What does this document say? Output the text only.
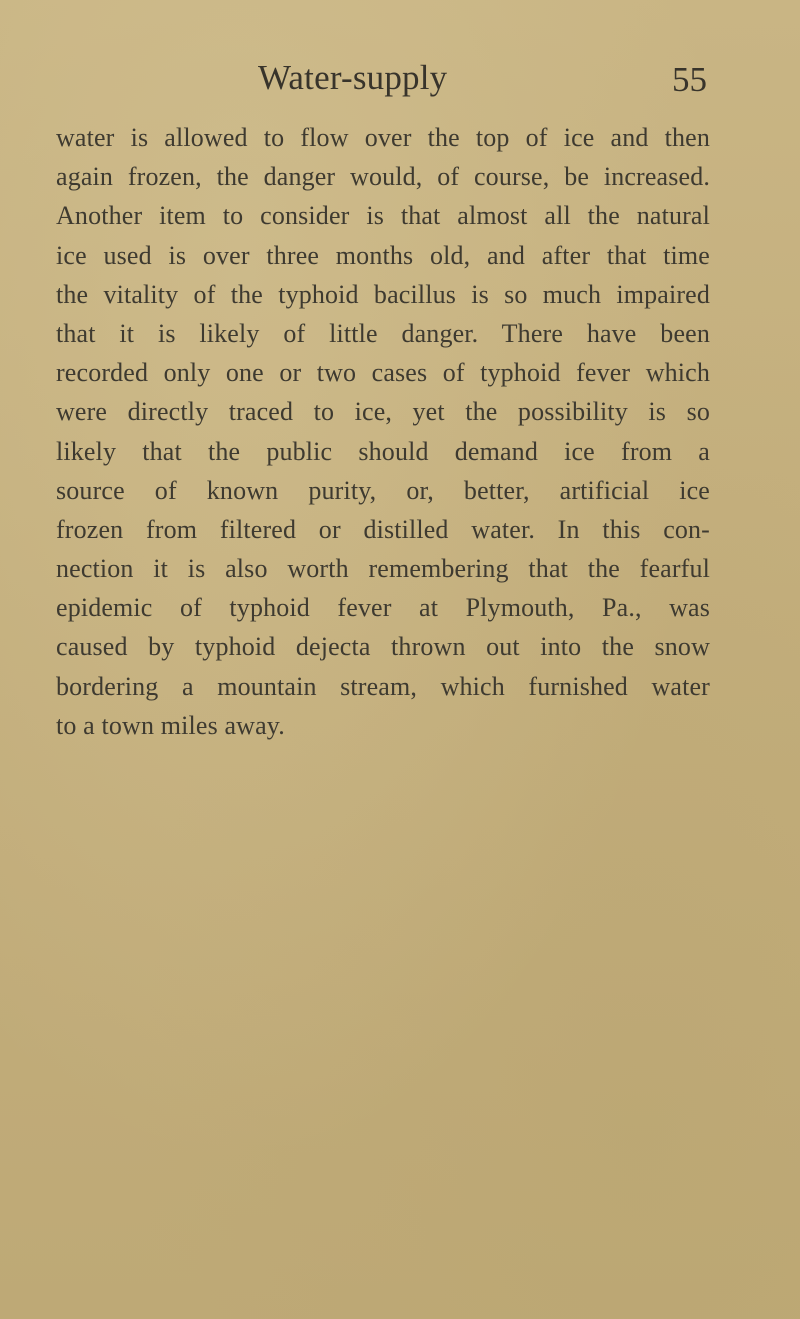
Water-supply	55
water is allowed to flow over the top of ice and then
again frozen, the danger would, of course, be increased.
Another item to consider is that almost all the natural
ice used is over three months old, and after that time
the vitality of the typhoid bacillus is so much impaired
that it is likely of little danger. There have been
recorded only one or two cases of typhoid fever which
were directly traced to ice, yet the possibility is so
likely that the public should demand ice from a
source of known purity, or, better, artificial ice
frozen from filtered or distilled water. In this con-
nection it is also worth remembering that the fearful
epidemic of typhoid fever at Plymouth, Pa., was
caused by typhoid dejecta thrown out into the snow
bordering a mountain stream, which furnished water
to a town miles away.
